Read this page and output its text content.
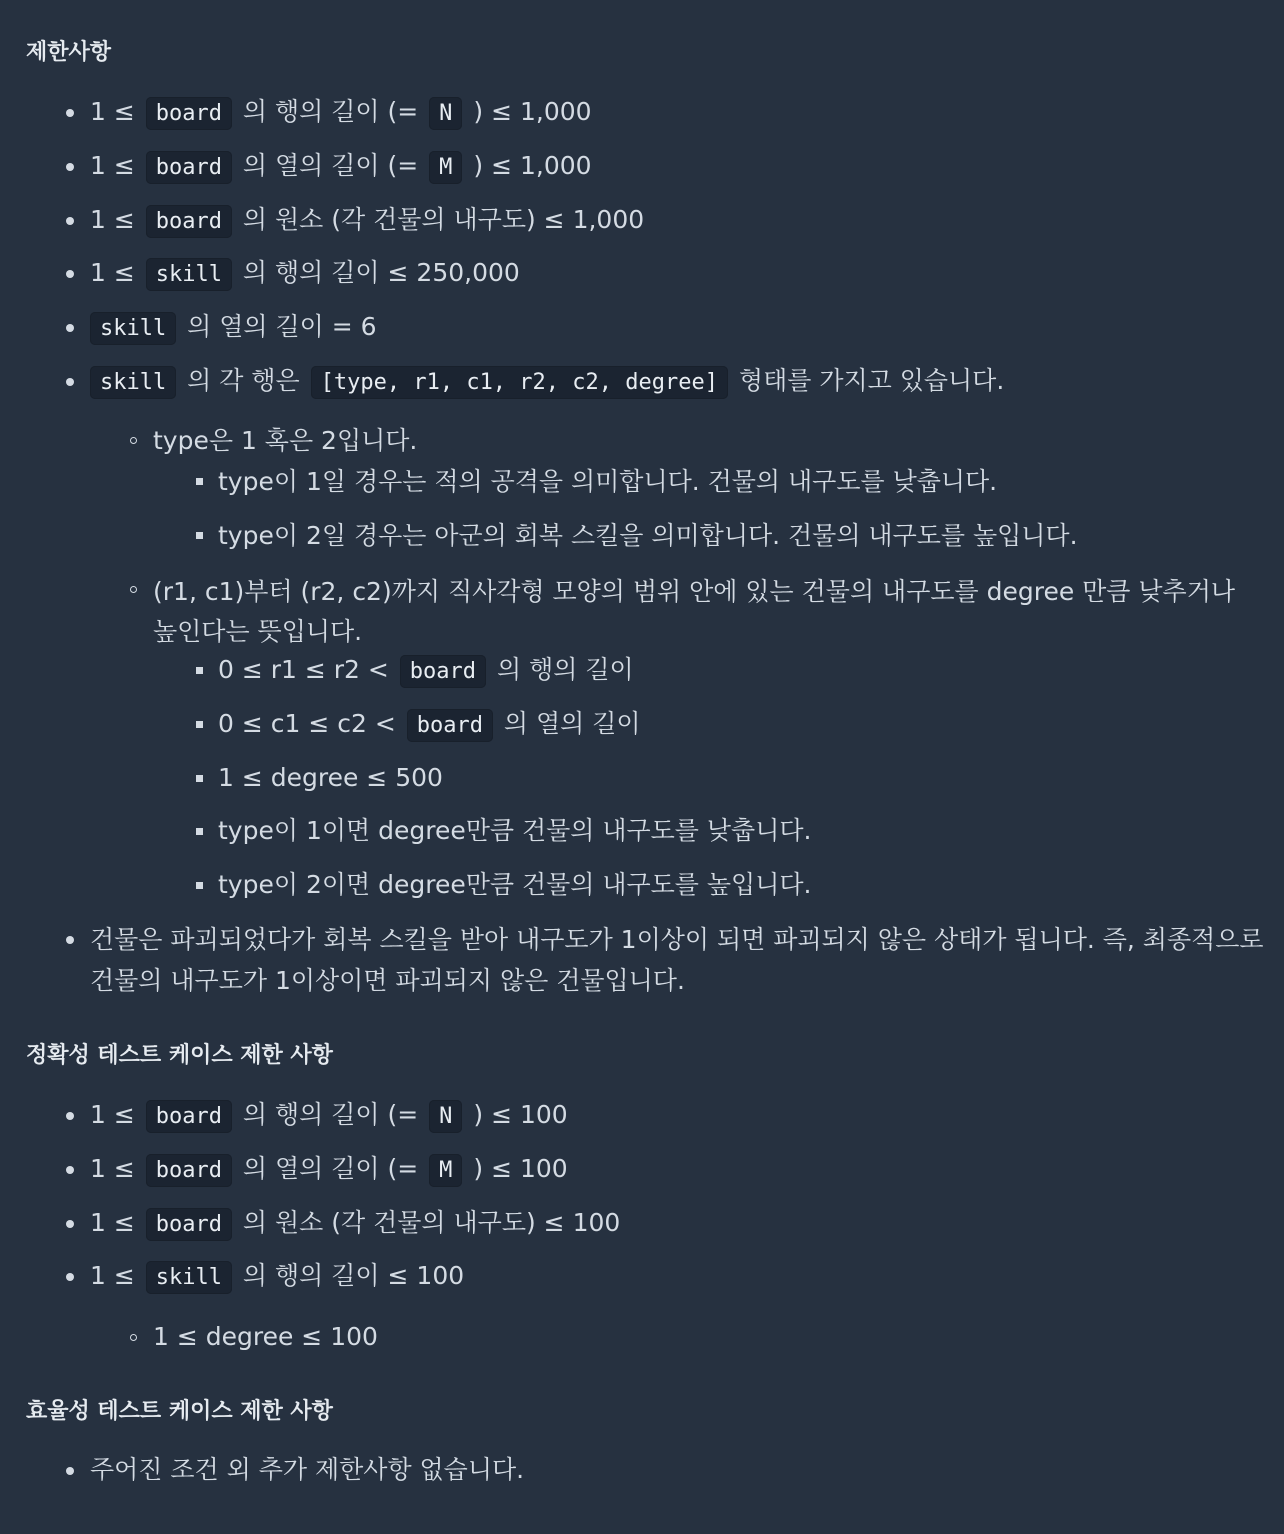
제한사항
1 ≤ board 의 행의 길이 (= N ) ≤ 1,000
1 ≤ board 의 열의 길이 (= M ) ≤ 1,000
1 ≤ board 의 원소 (각 건물의 내구도) ≤ 1,000
1 ≤ skill 의 행의 길이 ≤ 250,000
skill 의 열의 길이 = 6
skill 의 각 행은 [type, r1, c1, r2, c2, degree] 형태를 가지고 있습니다.
type은 1 혹은 2입니다.
type이 1일 경우는 적의 공격을 의미합니다. 건물의 내구도를 낮춥니다.
type이 2일 경우는 아군의 회복 스킬을 의미합니다. 건물의 내구도를 높입니다.
(r1, c1)부터 (r2, c2)까지 직사각형 모양의 범위 안에 있는 건물의 내구도를 degree 만큼 낮추거나 높인다는 뜻입니다.
0 ≤ r1 ≤ r2 < board 의 행의 길이
0 ≤ c1 ≤ c2 < board 의 열의 길이
1 ≤ degree ≤ 500
type이 1이면 degree만큼 건물의 내구도를 낮춥니다.
type이 2이면 degree만큼 건물의 내구도를 높입니다.
건물은 파괴되었다가 회복 스킬을 받아 내구도가 1이상이 되면 파괴되지 않은 상태가 됩니다. 즉, 최종적으로 건물의 내구도가 1이상이면 파괴되지 않은 건물입니다.
정확성 테스트 케이스 제한 사항
1 ≤ board 의 행의 길이 (= N ) ≤ 100
1 ≤ board 의 열의 길이 (= M ) ≤ 100
1 ≤ board 의 원소 (각 건물의 내구도) ≤ 100
1 ≤ skill 의 행의 길이 ≤ 100
1 ≤ degree ≤ 100
효율성 테스트 케이스 제한 사항
주어진 조건 외 추가 제한사항 없습니다.
